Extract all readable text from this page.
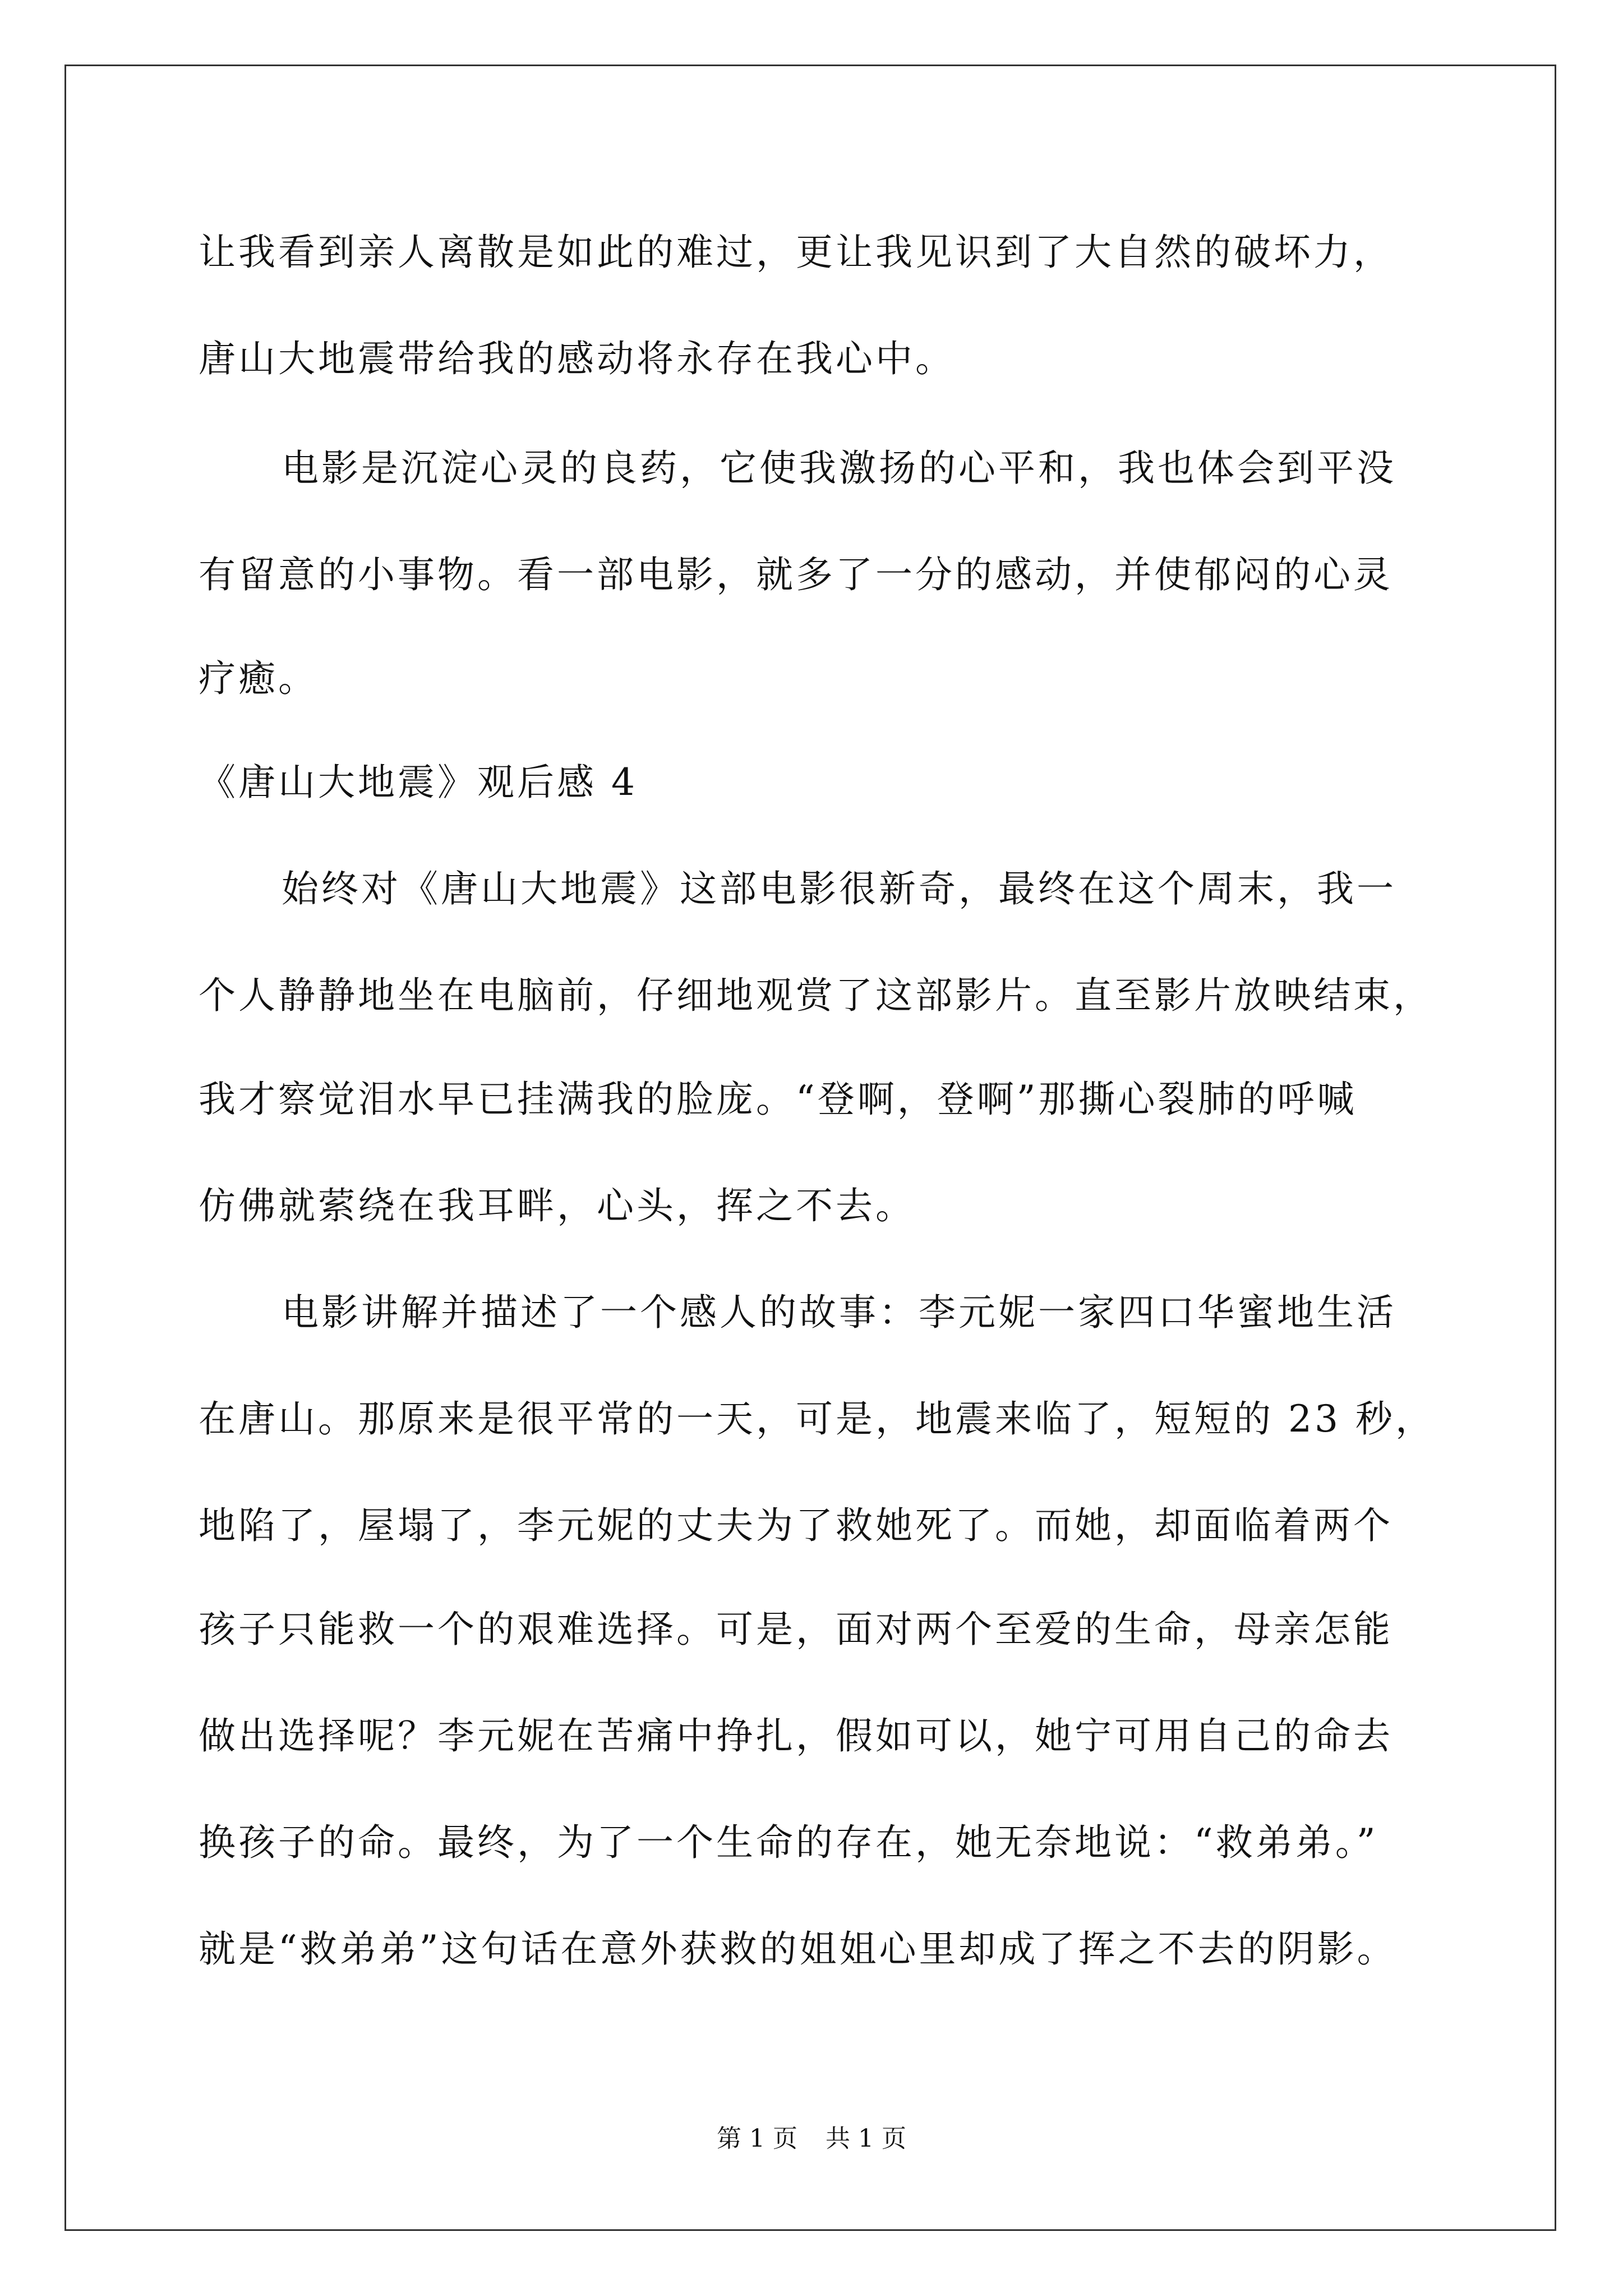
让我看到亲人离散是如此的难过，更让我见识到了大自然的破坏力，
唐山大地震带给我的感动将永存在我心中。
电影是沉淀心灵的良药，它使我激扬的心平和，我也体会到平没
有留意的小事物。看一部电影，就多了一分的感动，并使郁闷的心灵
疗癒。
《唐山大地震》观后感 4
始终对《唐山大地震》这部电影很新奇，最终在这个周末，我一
个人静静地坐在电脑前，仔细地观赏了这部影片。直至影片放映结束，
我才察觉泪水早已挂满我的脸庞。“登啊，登啊”那撕心裂肺的呼喊
仿佛就萦绕在我耳畔，心头，挥之不去。
电影讲解并描述了一个感人的故事：李元妮一家四口华蜜地生活
在唐山。那原来是很平常的一天，可是，地震来临了，短短的 23 秒，
地陷了，屋塌了，李元妮的丈夫为了救她死了。而她，却面临着两个
孩子只能救一个的艰难选择。可是，面对两个至爱的生命，母亲怎能
做出选择呢？李元妮在苦痛中挣扎，假如可以，她宁可用自己的命去
换孩子的命。最终，为了一个生命的存在，她无奈地说：“救弟弟。”
就是“救弟弟”这句话在意外获救的姐姐心里却成了挥之不去的阴影。
第 1 页 共 1 页
